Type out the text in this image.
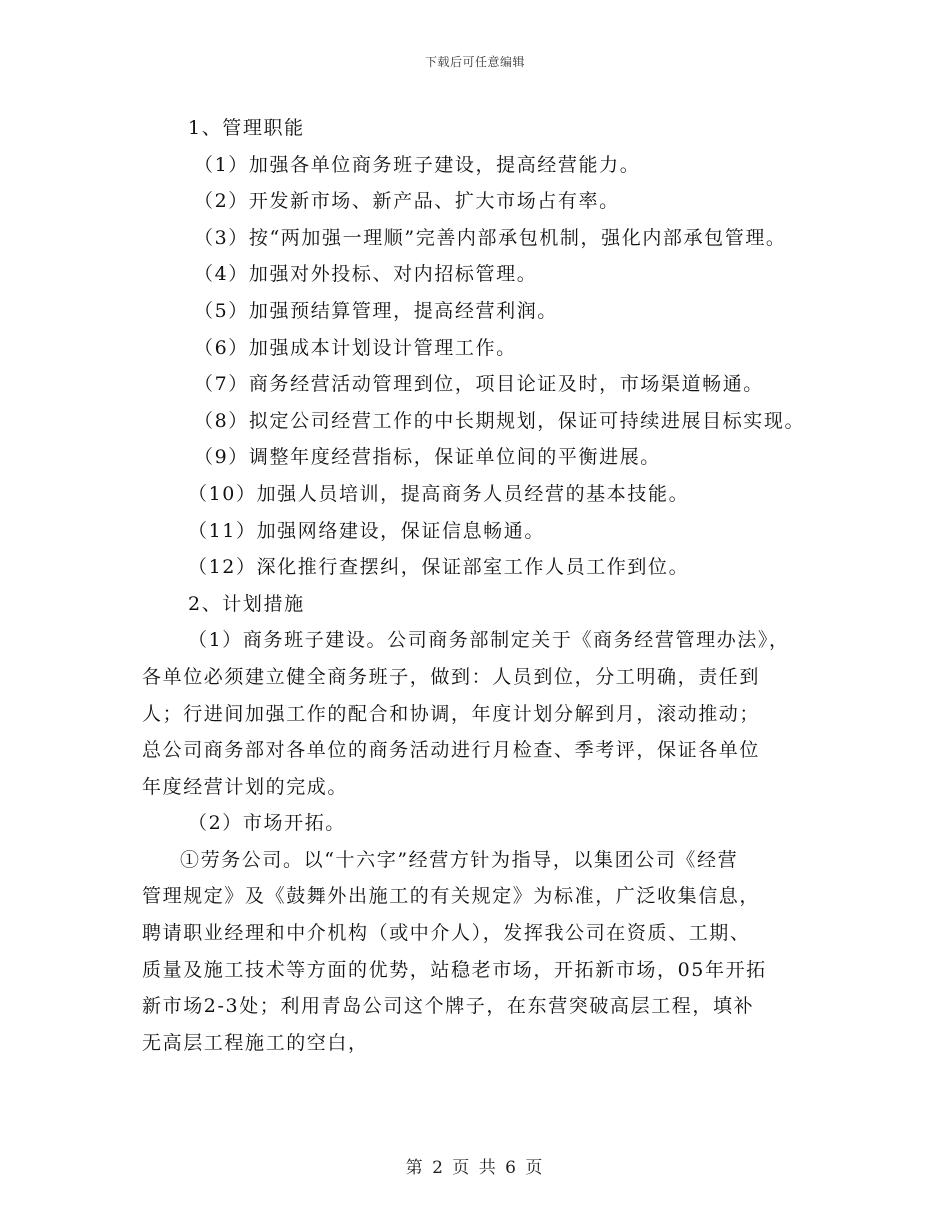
下载后可任意编辑
1、管理职能
（1）加强各单位商务班子建设，提高经营能力。
（2）开发新市场、新产品、扩大市场占有率。
（3）按“两加强一理顺”完善内部承包机制，强化内部承包管理。
（4）加强对外投标、对内招标管理。
（5）加强预结算管理，提高经营利润。
（6）加强成本计划设计管理工作。
（7）商务经营活动管理到位，项目论证及时，市场渠道畅通。
（8）拟定公司经营工作的中长期规划，保证可持续进展目标实现。
（9）调整年度经营指标，保证单位间的平衡进展。
（10）加强人员培训，提高商务人员经营的基本技能。
（11）加强网络建设，保证信息畅通。
（12）深化推行查摆纠，保证部室工作人员工作到位。
2、计划措施
（1）商务班子建设。公司商务部制定关于《商务经营管理办法》，
各单位必须建立健全商务班子，做到：人员到位，分工明确，责任到
人；行进间加强工作的配合和协调，年度计划分解到月，滚动推动；
总公司商务部对各单位的商务活动进行月检查、季考评，保证各单位
年度经营计划的完成。
（2）市场开拓。
①劳务公司。以“十六字”经营方针为指导，以集团公司《经营
管理规定》及《鼓舞外出施工的有关规定》为标准，广泛收集信息，
聘请职业经理和中介机构（或中介人），发挥我公司在资质、工期、
质量及施工技术等方面的优势，站稳老市场，开拓新市场，05年开拓
新市场2-3处；利用青岛公司这个牌子，在东营突破高层工程，填补
无高层工程施工的空白，
第 2 页 共 6 页
